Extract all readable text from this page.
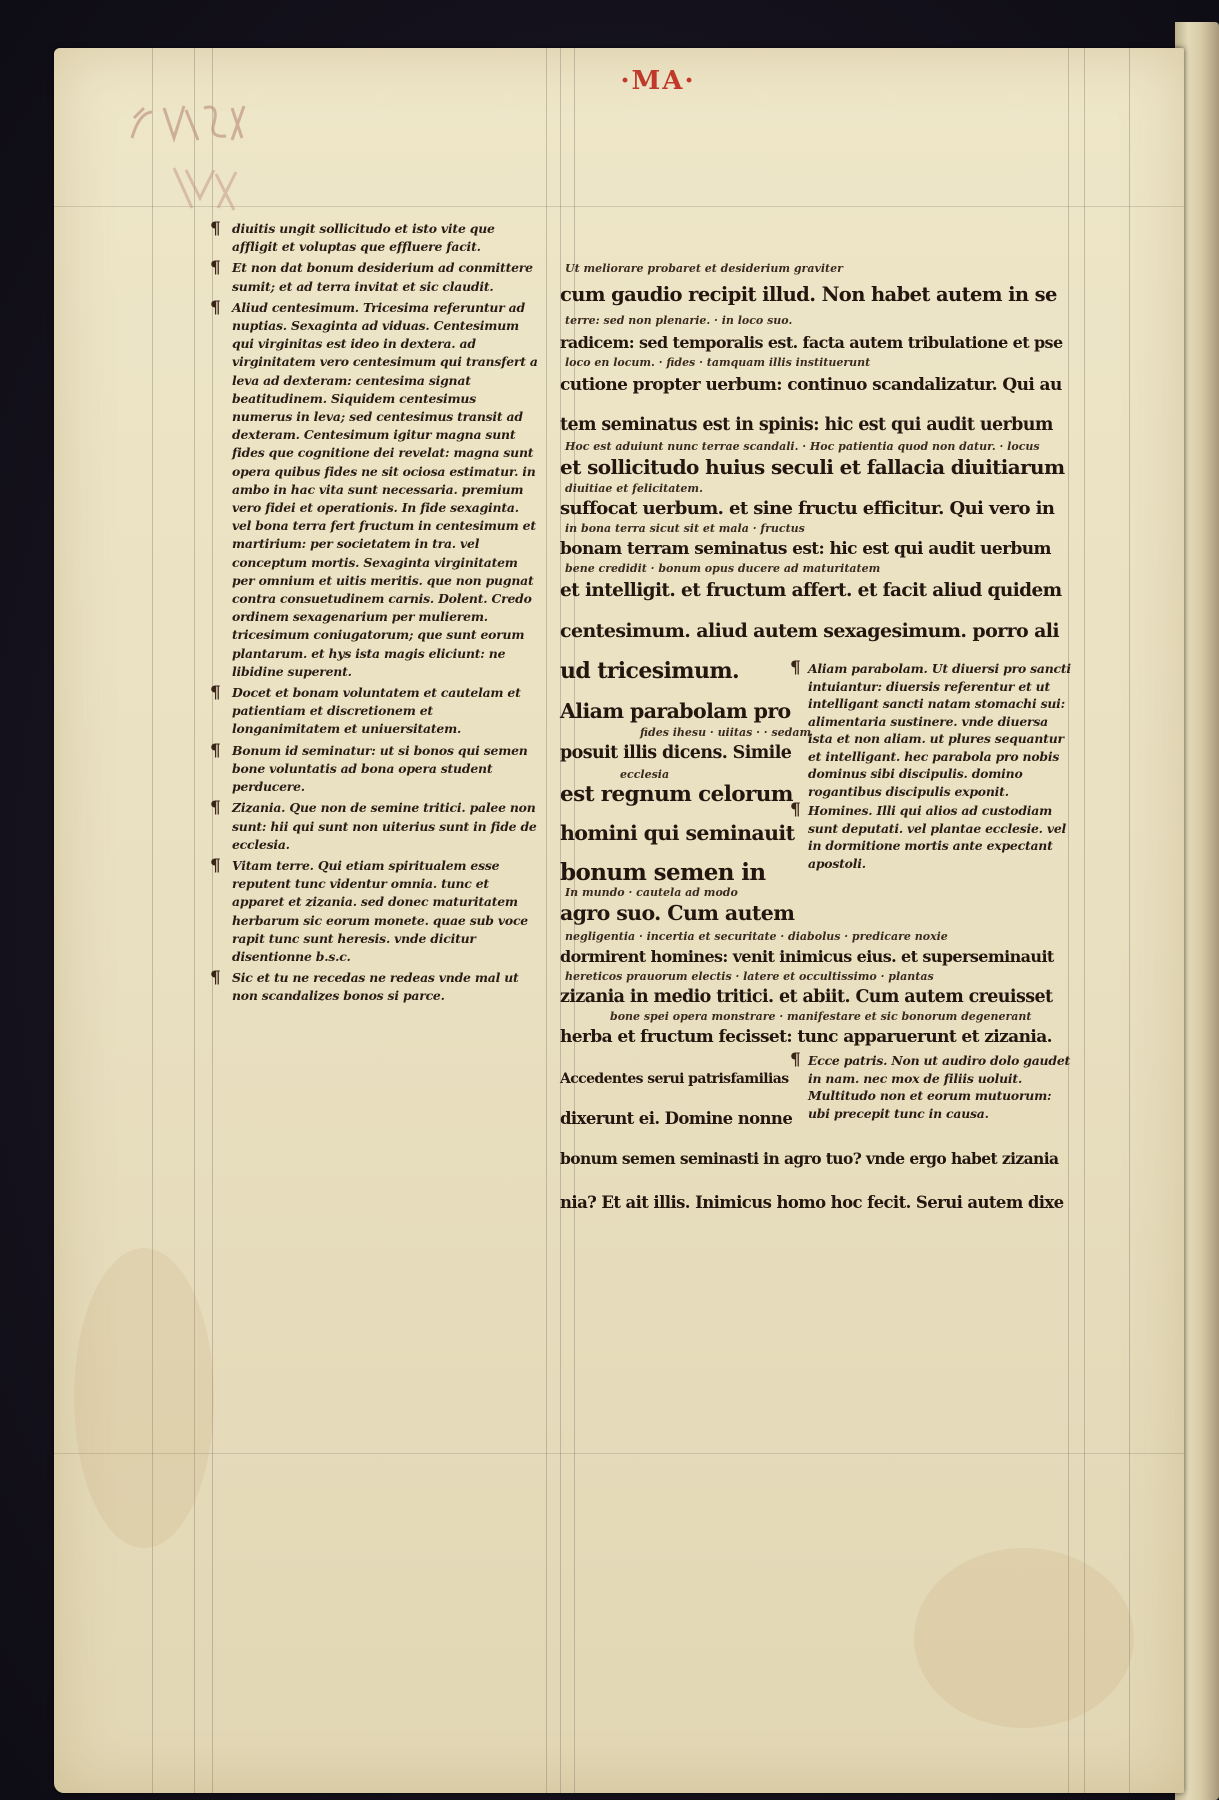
·MA·

¶ diuitis ungit sollicitudo et isto vite que affligit et voluptas que effluere facit.

¶ Et non dat bonum desiderium ad conmittere sumit; et ad terra invitat et sic claudit.

¶ Aliud centesimum. Tricesima referuntur ad nuptias. Sexaginta ad viduas. Centesimum qui virginitas est ideo in dextera. ad virginitatem vero centesimum qui transfert a leva ad dexteram: centesima signat beatitudinem. Siquidem centesimus numerus in leva; sed centesimus transit ad dexteram. Centesimum igitur magna sunt fides que cognitione dei revelat: magna sunt opera quibus fides ne sit ociosa estimatur. in ambo in hac vita sunt necessaria. premium vero fidei et operationis. In fide sexaginta. vel bona terra fert fructum in centesimum et martirium: per societatem in tra. vel conceptum mortis. Sexaginta virginitatem per omnium et uitis meritis. que non pugnat contra consuetudinem carnis. Dolent. Credo ordinem sexagenarium per mulierem. tricesimum coniugatorum; que sunt eorum plantarum. et hys ista magis eliciunt: ne libidine superent.

¶ Docet et bonam voluntatem et cautelam et patientiam et discretionem et longanimitatem et uniuersitatem.

¶ Bonum id seminatur: ut si bonos qui semen bone voluntatis ad bona opera student perducere.

¶ Zizania. Que non de semine tritici. palee non sunt: hii qui sunt non uiterius sunt in fide de ecclesia.

¶ Vitam terre. Qui etiam spiritualem esse reputent tunc videntur omnia. tunc et apparet et zizania. sed donec maturitatem herbarum sic eorum monete. quae sub voce rapit tunc sunt heresis. vnde dicitur disentionne b.s.c.

¶ Sic et tu ne recedas ne redeas vnde mal ut non scandalizes bonos si parce.

Ut meliorare probaret et desiderium graviter
cum gaudio recipit illud. Non habet autem in se
terre: sed non plenarie. · in loco suo.
radicem: sed temporalis est. facta autem tribulatione et pse
loco en locum. · fides · tamquam illis instituerunt
cutione propter uerbum: continuo scandalizatur. Qui au
tem seminatus est in spinis: hic est qui audit uerbum
Hoc est aduiunt nunc terrae scandali. · Hoc patientia quod non datur. · locus
et sollicitudo huius seculi et fallacia diuitiarum
diuitiae et felicitatem.
suffocat uerbum. et sine fructu efficitur. Qui vero in
in bona terra sicut sit et mala · fructus
bonam terram seminatus est: hic est qui audit uerbum
bene credidit · bonum opus ducere ad maturitatem
et intelligit. et fructum affert. et facit aliud quidem
centesimum. aliud autem sexagesimum. porro ali
ud tricesimum.
Aliam parabolam pro
fides ihesu · uiitas · · sedam
posuit illis dicens. Simile
ecclesia
est regnum celorum
homini qui seminauit
bonum semen in
In mundo · cautela ad modo
agro suo. Cum autem

¶ Aliam parabolam. Ut diuersi pro sancti intuiantur: diuersis referentur et ut intelligant sancti natam stomachi sui: alimentaria sustinere. vnde diuersa ista et non aliam. ut plures sequantur et intelligant. hec parabola pro nobis dominus sibi discipulis. domino rogantibus discipulis exponit.

¶ Homines. Illi qui alios ad custodiam sunt deputati. vel plantae ecclesie. vel in dormitione mortis ante expectant apostoli.

negligentia · incertia et securitate · diabolus · predicare noxie
dormirent homines: venit inimicus eius. et superseminauit
hereticos prauorum electis · latere et occultissimo · plantas
zizania in medio tritici. et abiit. Cum autem creuisset
bone spei opera monstrare · manifestare et sic bonorum degenerant
herba et fructum fecisset: tunc apparuerunt et zizania.
Accedentes serui patrisfamilias
dixerunt ei. Domine nonne

¶ Ecce patris. Non ut audiro dolo gaudet in nam. nec mox de filiis uoluit. Multitudo non et eorum mutuorum: ubi precepit tunc in causa.

bonum semen seminasti in agro tuo? vnde ergo habet zizania
nia? Et ait illis. Inimicus homo hoc fecit. Serui autem dixe
